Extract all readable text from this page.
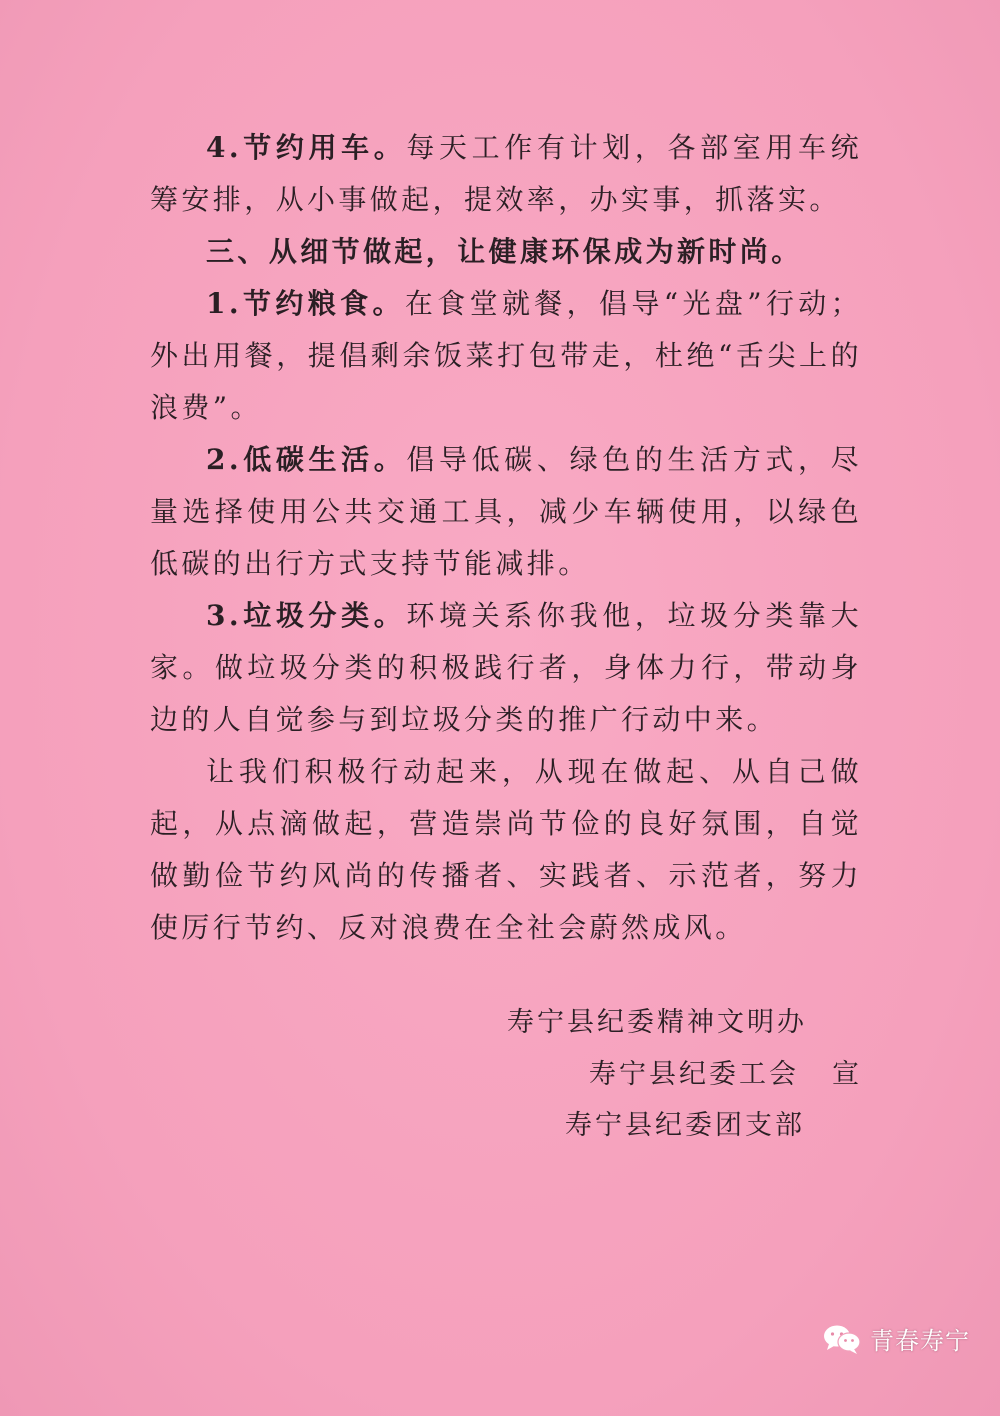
4.节约用车。每天工作有计划，各部室用车统筹安排，从小事做起，提效率，办实事，抓落实。

三、从细节做起，让健康环保成为新时尚。

1.节约粮食。在食堂就餐，倡导“光盘”行动；外出用餐，提倡剩余饭菜打包带走，杜绝“舌尖上的浪费”。

2.低碳生活。倡导低碳、绿色的生活方式，尽量选择使用公共交通工具，减少车辆使用，以绿色低碳的出行方式支持节能减排。

3.垃圾分类。环境关系你我他，垃圾分类靠大家。做垃圾分类的积极践行者，身体力行，带动身边的人自觉参与到垃圾分类的推广行动中来。

让我们积极行动起来，从现在做起、从自己做起，从点滴做起，营造崇尚节俭的良好氛围，自觉做勤俭节约风尚的传播者、实践者、示范者，努力使厉行节约、反对浪费在全社会蔚然成风。

寿宁县纪委精神文明办
寿宁县纪委工会 宣
寿宁县纪委团支部
青春寿宁
